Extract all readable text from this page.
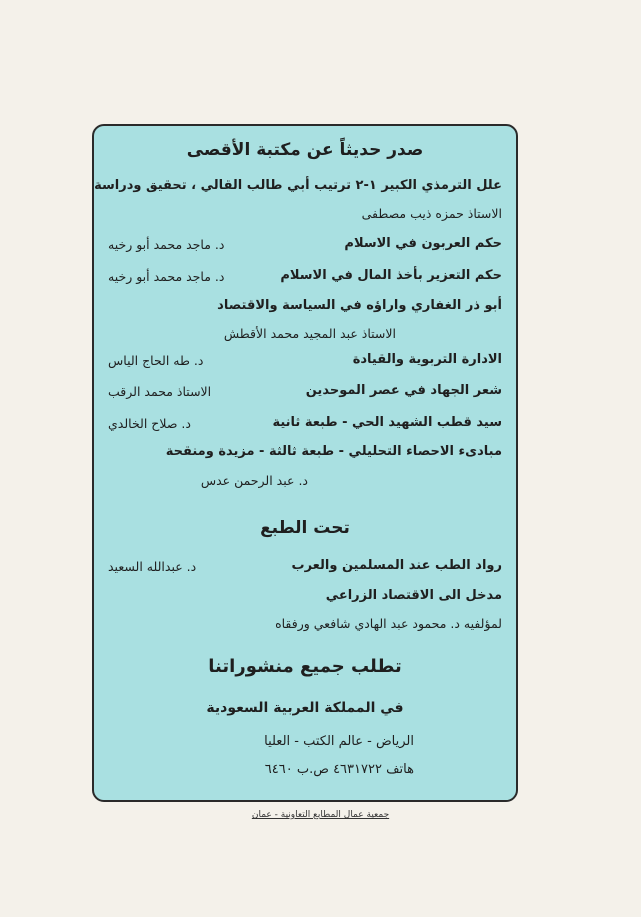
صدر حديثاً عن مكتبة الأقصى
علل الترمذي الكبير ١-٢ ترتيب أبي طالب القالي ، تحقيق ودراسة
الاستاذ حمزه ذيب مصطفى
حكم العربون في الاسلام
د. ماجد محمد أبو رخيه
حكم التعزير بأخذ المال في الاسلام
د. ماجد محمد أبو رخيه
أبو ذر الغفاري واراؤه في السياسة والاقتصاد
الاستاذ عبد المجيد محمد الأقطش
الادارة التربوية والقيادة
د. طه الحاج الياس
شعر الجهاد في عصر الموحدين
الاستاذ محمد الرقب
سيد قطب الشهيد الحي - طبعة ثانية
د. صلاح الخالدي
مبادىء الاحصاء التحليلي - طبعة ثالثة - مزيدة ومنقحة
د. عبد الرحمن عدس
تحت الطبع
رواد الطب عند المسلمين والعرب
د. عبدالله السعيد
مدخل الى الاقتصاد الزراعي
لمؤلفيه د. محمود عبد الهادي شافعي ورفقاه
تطلب جميع منشوراتنا
في المملكة العربية السعودية
الرياض - عالم الكتب - العليا
هاتف ٤٦٣١٧٢٢ ص.ب ٦٤٦٠
جمعية عمال المطابع التعاونية - عمان
